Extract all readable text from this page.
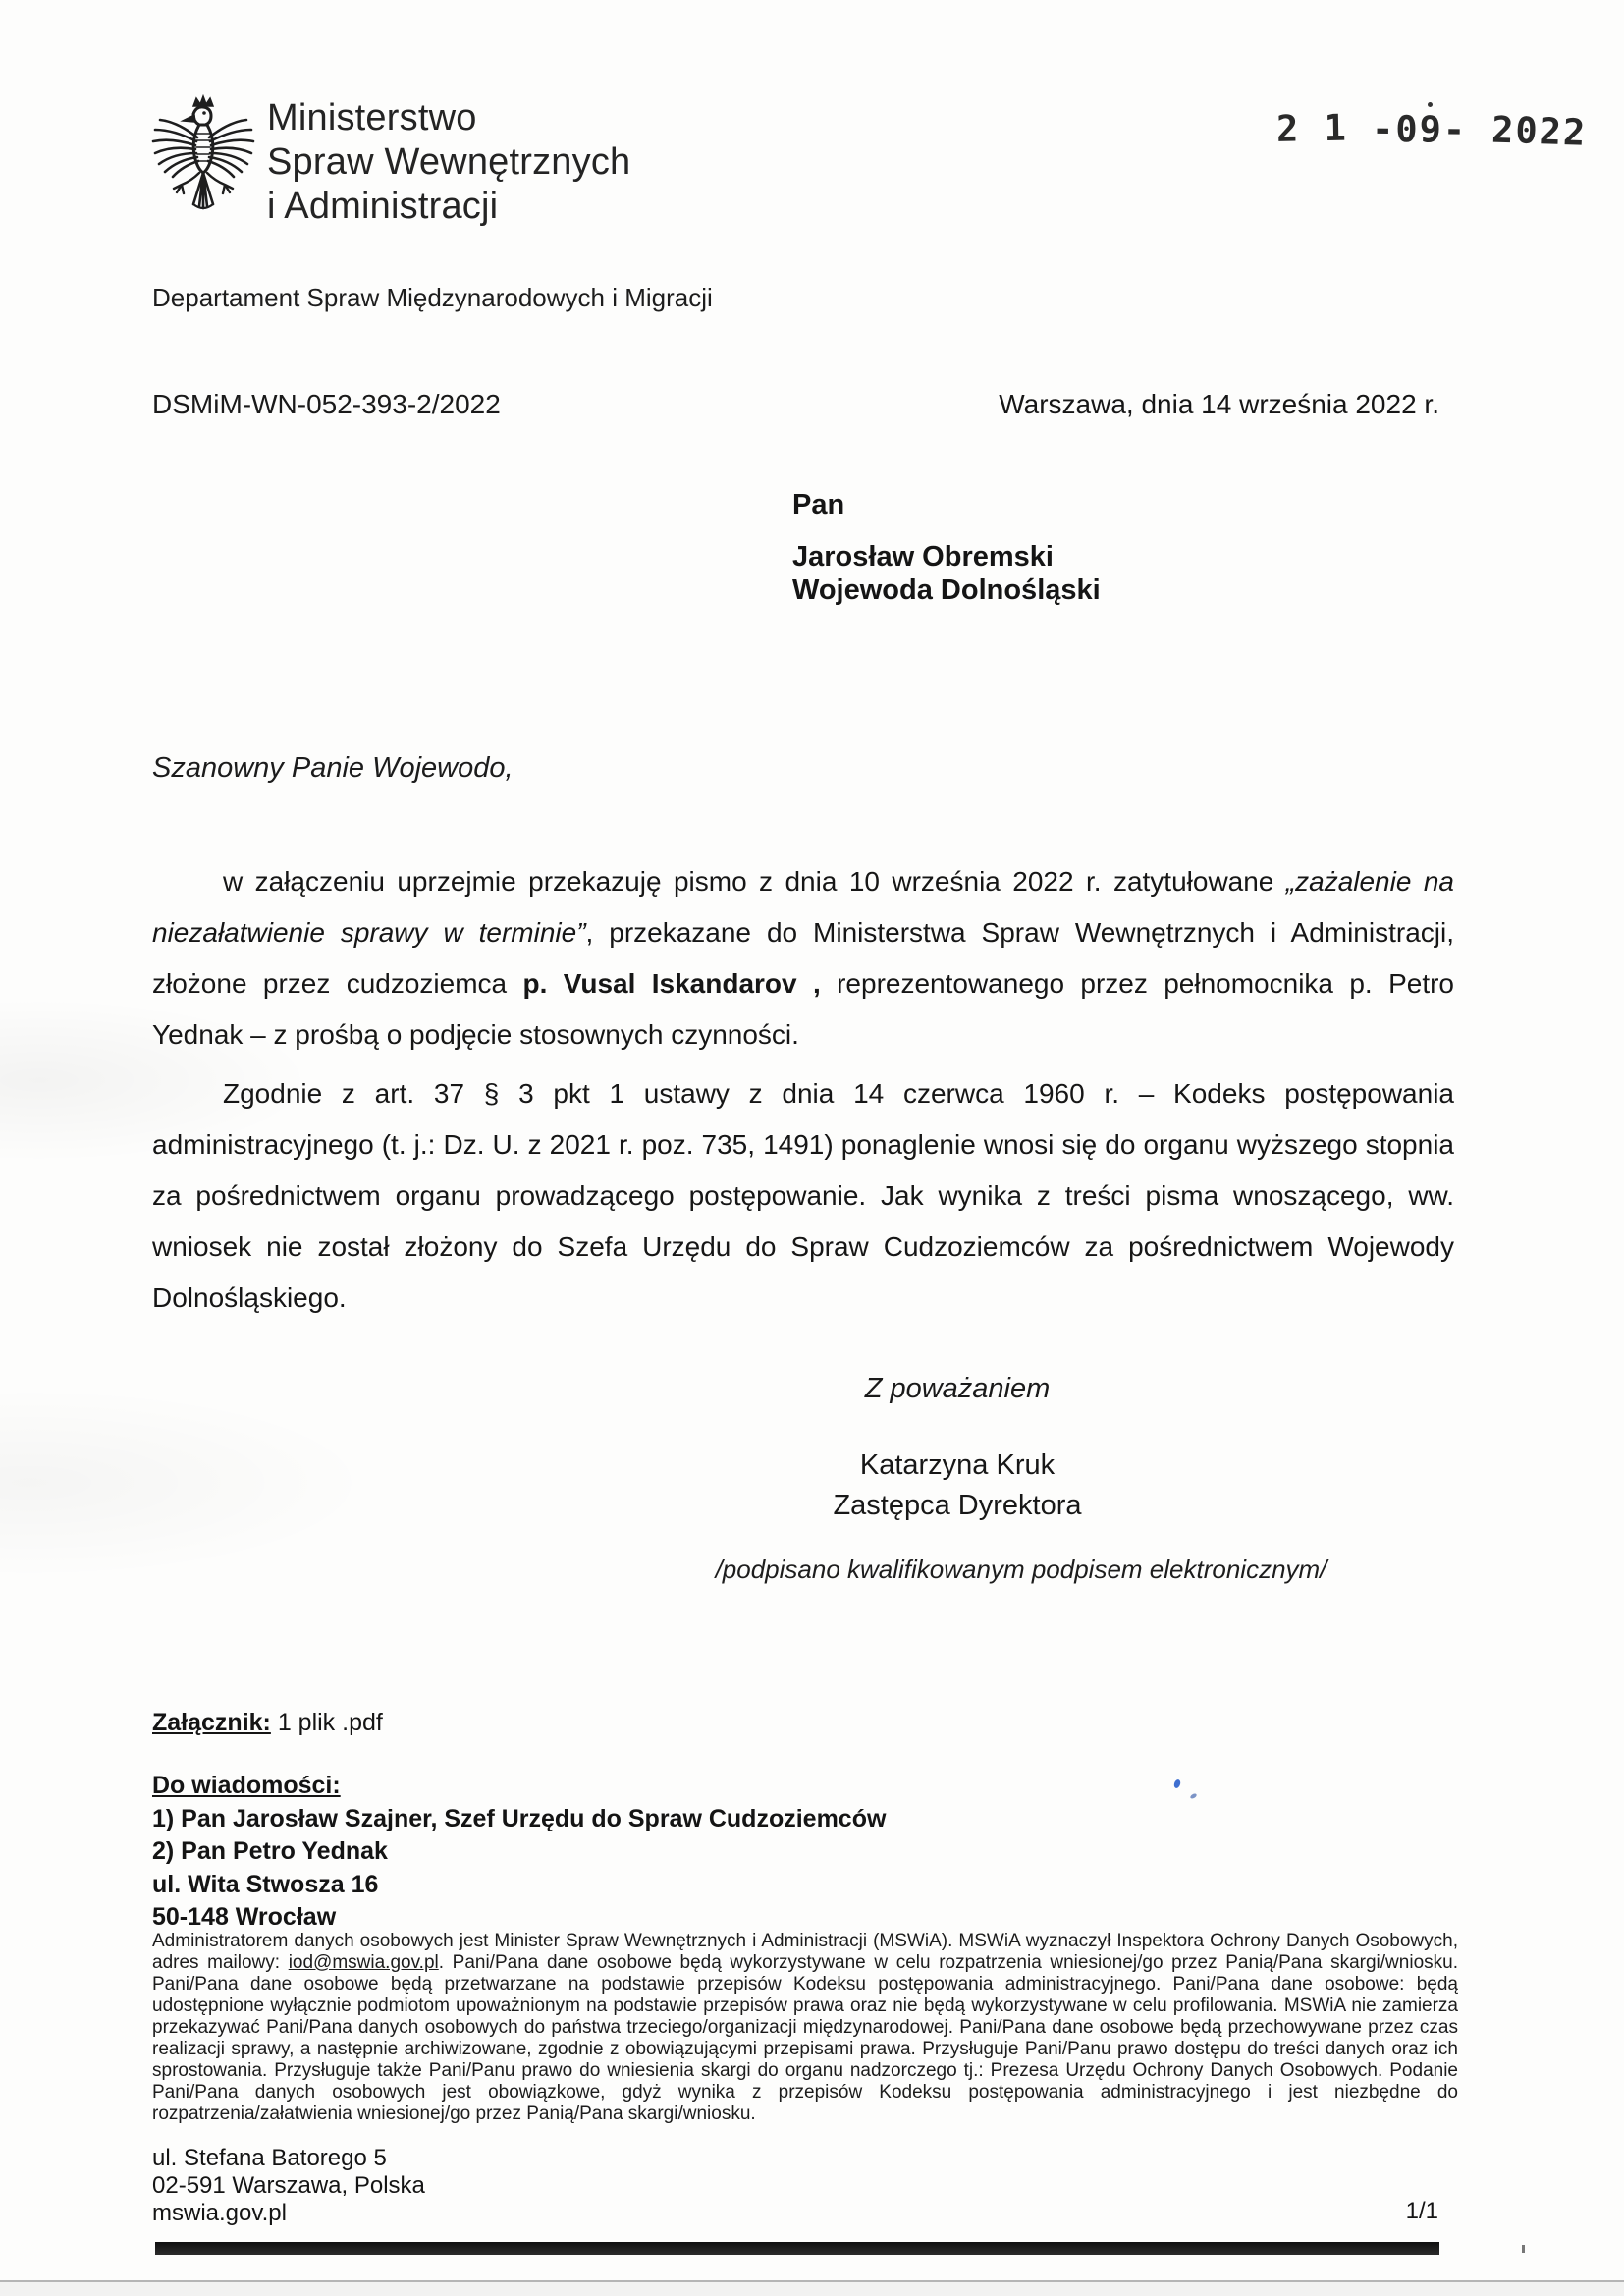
Ministerstwo
Spraw Wewnętrznych
i Administracji
2 1 -09- 2022
Departament Spraw Międzynarodowych i Migracji
DSMiM-WN-052-393-2/2022	Warszawa, dnia 14 września 2022 r.
Pan
Jarosław Obremski
Wojewoda Dolnośląski
Szanowny Panie Wojewodo,

w załączeniu uprzejmie przekazuję pismo z dnia 10 września 2022 r. zatytułowane „zażalenie na niezałatwienie sprawy w terminie”, przekazane do Ministerstwa Spraw Wewnętrznych i Administracji, złożone przez cudzoziemca p. Vusal Iskandarov , reprezentowanego przez pełnomocnika p. Petro Yednak – z prośbą o podjęcie stosownych czynności.

Zgodnie z art. 37 § 3 pkt 1 ustawy z dnia 14 czerwca 1960 r. – Kodeks postępowania administracyjnego (t. j.: Dz. U. z 2021 r. poz. 735, 1491) ponaglenie wnosi się do organu wyższego stopnia za pośrednictwem organu prowadzącego postępowanie. Jak wynika z treści pisma wnoszącego, ww. wniosek nie został złożony do Szefa Urzędu do Spraw Cudzoziemców za pośrednictwem Wojewody Dolnośląskiego.

Z poważaniem
Katarzyna Kruk
Zastępca Dyrektora
/podpisano kwalifikowanym podpisem elektronicznym/
Załącznik: 1 plik .pdf
Do wiadomości:
1) Pan Jarosław Szajner, Szef Urzędu do Spraw Cudzoziemców
2) Pan Petro Yednak
ul. Wita Stwosza 16
50-148 Wrocław
Administratorem danych osobowych jest Minister Spraw Wewnętrznych i Administracji (MSWiA). MSWiA wyznaczył Inspektora Ochrony Danych Osobowych, adres mailowy: iod@mswia.gov.pl. Pani/Pana dane osobowe będą wykorzystywane w celu rozpatrzenia wniesionej/go przez Panią/Pana skargi/wniosku. Pani/Pana dane osobowe będą przetwarzane na podstawie przepisów Kodeksu postępowania administracyjnego. Pani/Pana dane osobowe: będą udostępnione wyłącznie podmiotom upoważnionym na podstawie przepisów prawa oraz nie będą wykorzystywane w celu profilowania. MSWiA nie zamierza przekazywać Pani/Pana danych osobowych do państwa trzeciego/organizacji międzynarodowej. Pani/Pana dane osobowe będą przechowywane przez czas realizacji sprawy, a następnie archiwizowane, zgodnie z obowiązującymi przepisami prawa. Przysługuje Pani/Panu prawo dostępu do treści danych oraz ich sprostowania. Przysługuje także Pani/Panu prawo do wniesienia skargi do organu nadzorczego tj.: Prezesa Urzędu Ochrony Danych Osobowych. Podanie Pani/Pana danych osobowych jest obowiązkowe, gdyż wynika z przepisów Kodeksu postępowania administracyjnego i jest niezbędne do rozpatrzenia/załatwienia wniesionej/go przez Panią/Pana skargi/wniosku.
ul. Stefana Batorego 5
02-591 Warszawa, Polska
mswia.gov.pl	1/1
